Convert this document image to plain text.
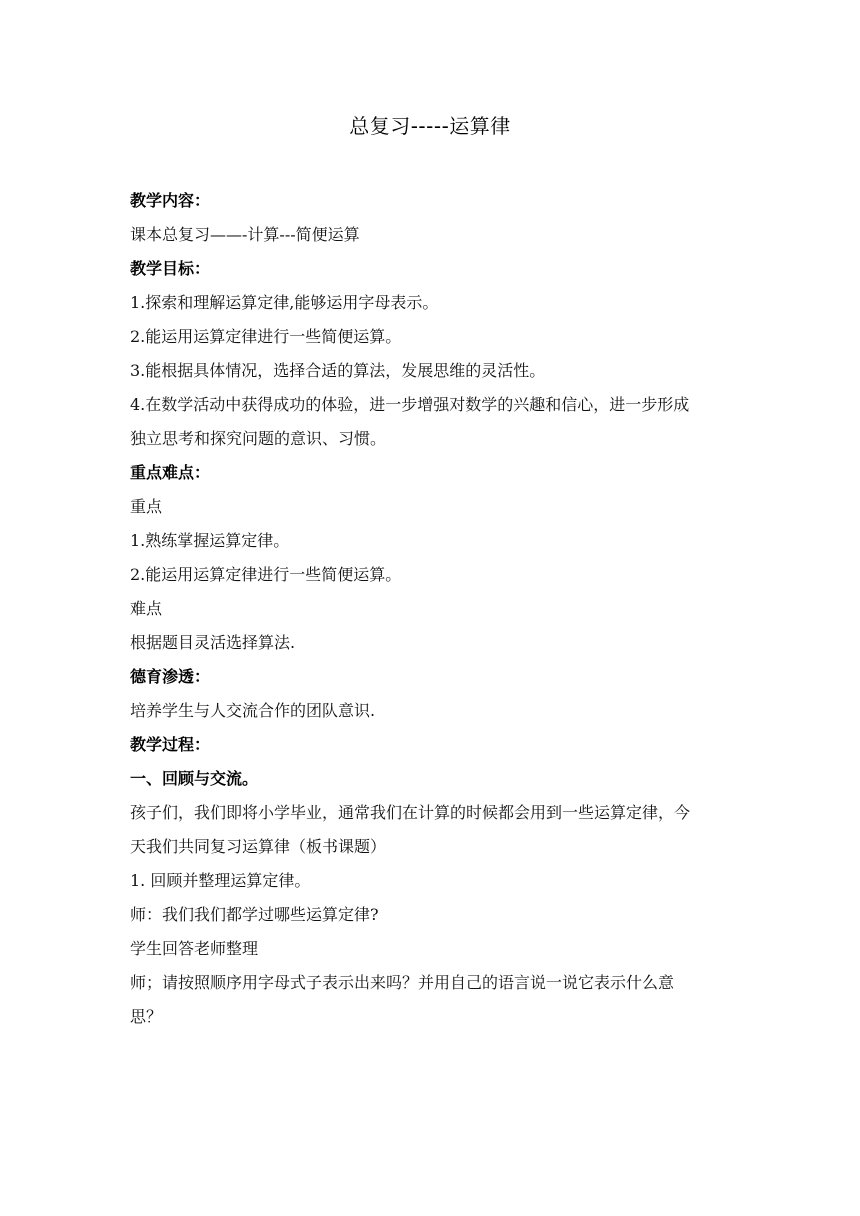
总复习-----运算律
教学内容：
课本总复习——-计算---简便运算
教学目标：
1.探索和理解运算定律,能够运用字母表示。
2.能运用运算定律进行一些简便运算。
3.能根据具体情况，选择合适的算法，发展思维的灵活性。
4.在数学活动中获得成功的体验，进一步增强对数学的兴趣和信心，进一步形成
独立思考和探究问题的意识、习惯。
重点难点：
重点
1.熟练掌握运算定律。
2.能运用运算定律进行一些简便运算。
难点
根据题目灵活选择算法.
德育渗透：
培养学生与人交流合作的团队意识.
教学过程：
一、回顾与交流。
孩子们，我们即将小学毕业，通常我们在计算的时候都会用到一些运算定律，今
天我们共同复习运算律（板书课题）
1. 回顾并整理运算定律。
师：我们我们都学过哪些运算定律?
学生回答老师整理
师；请按照顺序用字母式子表示出来吗？并用自己的语言说一说它表示什么意
思？
